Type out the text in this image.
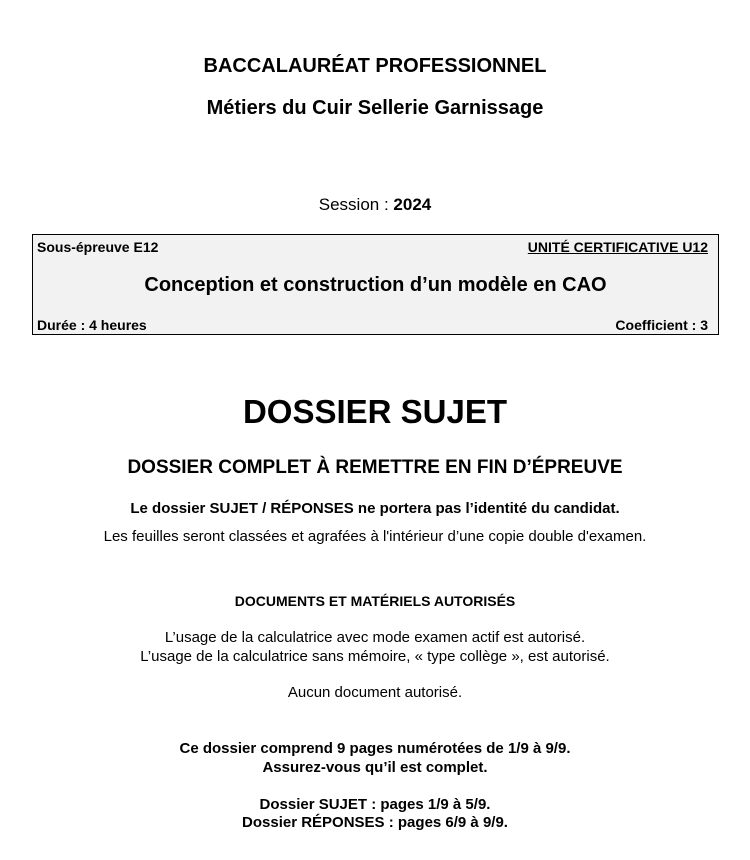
BACCALAURÉAT PROFESSIONNEL
Métiers du Cuir Sellerie Garnissage
Session : 2024
Sous-épreuve E12	UNITÉ CERTIFICATIVE U12
Conception et construction d’un modèle en CAO
Durée : 4 heures	Coefficient : 3
DOSSIER SUJET
DOSSIER COMPLET À REMETTRE EN FIN D’ÉPREUVE
Le dossier SUJET / RÉPONSES ne portera pas l’identité du candidat.
Les feuilles seront classées et agrafées à l'intérieur d’une copie double d'examen.
DOCUMENTS ET MATÉRIELS AUTORISÉS
L’usage de la calculatrice avec mode examen actif est autorisé.
L’usage de la calculatrice sans mémoire, « type collège », est autorisé.
Aucun document autorisé.
Ce dossier comprend 9 pages numérotées de 1/9 à 9/9.
Assurez-vous qu’il est complet.
Dossier SUJET : pages 1/9 à 5/9.
Dossier RÉPONSES : pages 6/9 à 9/9.
